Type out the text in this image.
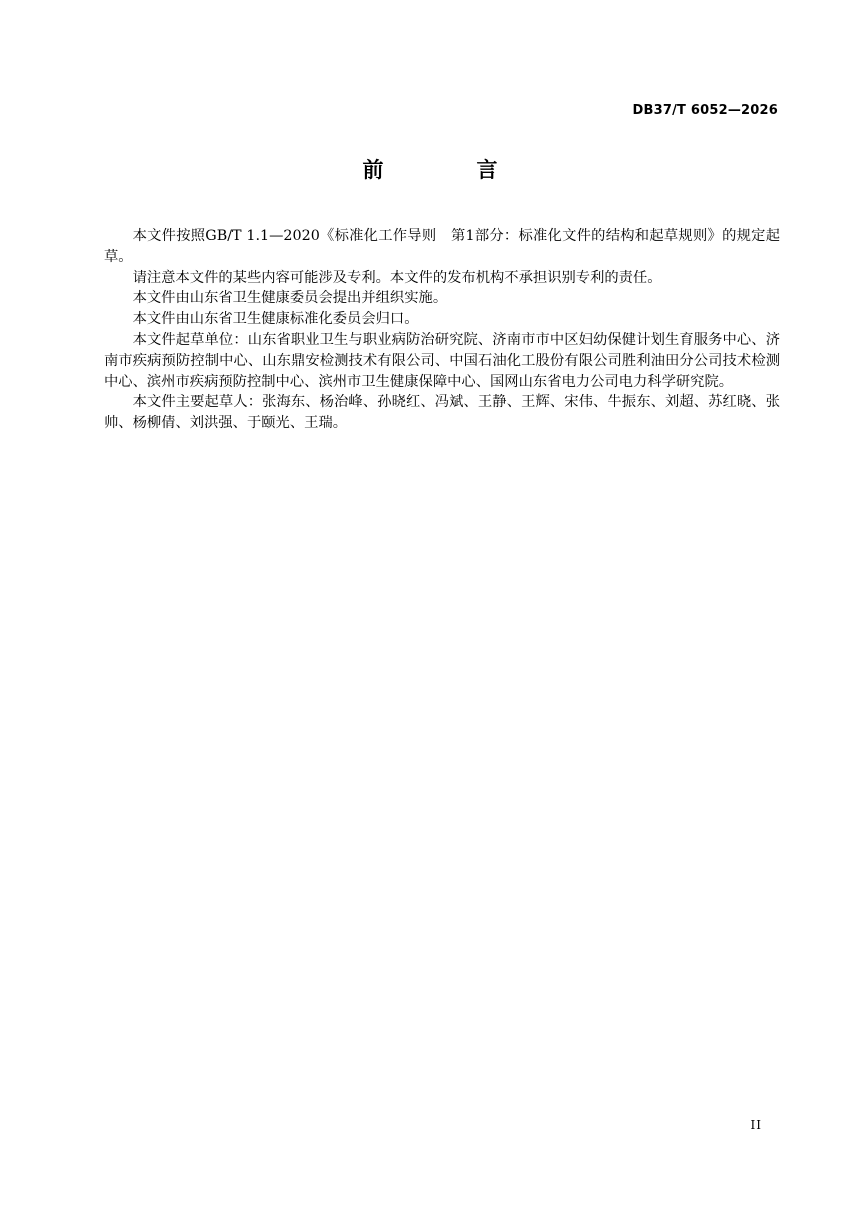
DB37/T 6052—2026
前　言

本文件按照GB/T 1.1—2020《标准化工作导则　第1部分：标准化文件的结构和起草规则》的规定起草。

请注意本文件的某些内容可能涉及专利。本文件的发布机构不承担识别专利的责任。

本文件由山东省卫生健康委员会提出并组织实施。

本文件由山东省卫生健康标准化委员会归口。

本文件起草单位：山东省职业卫生与职业病防治研究院、济南市市中区妇幼保健计划生育服务中心、济南市疾病预防控制中心、山东鼎安检测技术有限公司、中国石油化工股份有限公司胜利油田分公司技术检测中心、滨州市疾病预防控制中心、滨州市卫生健康保障中心、国网山东省电力公司电力科学研究院。

本文件主要起草人：张海东、杨治峰、孙晓红、冯斌、王静、王辉、宋伟、牛振东、刘超、苏红晓、张帅、杨柳倩、刘洪强、于颐光、王瑞。

II
